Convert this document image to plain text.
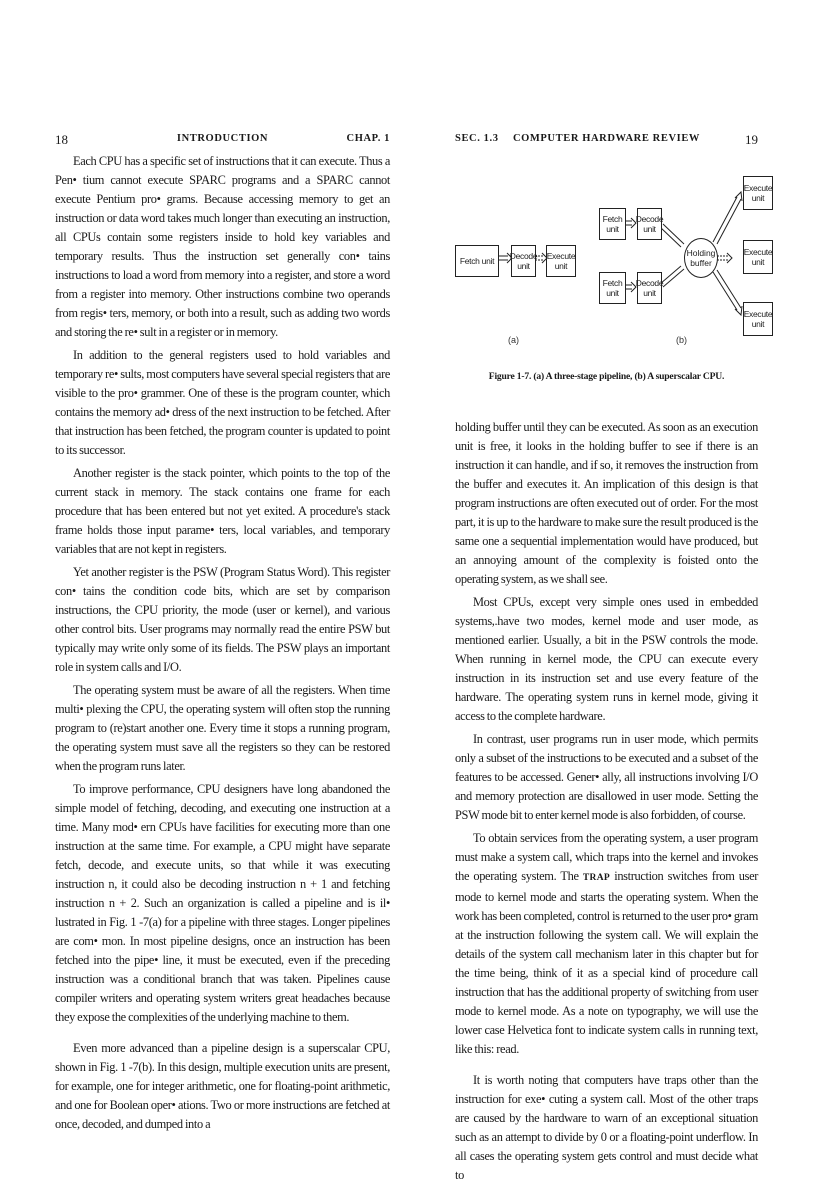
18	INTRODUCTION	CHAP. 1

Each CPU has a specific set of instructions that it can execute. Thus a Pen• tium cannot execute SPARC programs and a SPARC cannot execute Pentium pro• grams. Because accessing memory to get an instruction or data word takes much longer than executing an instruction, all CPUs contain some registers inside to hold key variables and temporary results. Thus the instruction set generally con• tains instructions to load a word from memory into a register, and store a word from a register into memory. Other instructions combine two operands from regis• ters, memory, or both into a result, such as adding two words and storing the re• sult in a register or in memory.

In addition to the general registers used to hold variables and temporary re• sults, most computers have several special registers that are visible to the pro• grammer. One of these is the program counter, which contains the memory ad• dress of the next instruction to be fetched. After that instruction has been fetched, the program counter is updated to point to its successor.

Another register is the stack pointer, which points to the top of the current stack in memory. The stack contains one frame for each procedure that has been entered but not yet exited. A procedure's stack frame holds those input parame• ters, local variables, and temporary variables that are not kept in registers.

Yet another register is the PSW (Program Status Word). This register con• tains the condition code bits, which are set by comparison instructions, the CPU priority, the mode (user or kernel), and various other control bits. User programs may normally read the entire PSW but typically may write only some of its fields. The PSW plays an important role in system calls and I/O.

The operating system must be aware of all the registers. When time multi• plexing the CPU, the operating system will often stop the running program to (re)start another one. Every time it stops a running program, the operating system must save all the registers so they can be restored when the program runs later.

To improve performance, CPU designers have long abandoned the simple model of fetching, decoding, and executing one instruction at a time. Many mod• ern CPUs have facilities for executing more than one instruction at the same time. For example, a CPU might have separate fetch, decode, and execute units, so that while it was executing instruction n, it could also be decoding instruction n + 1 and fetching instruction n + 2. Such an organization is called a pipeline and is il• lustrated in Fig. 1 -7(a) for a pipeline with three stages. Longer pipelines are com• mon. In most pipeline designs, once an instruction has been fetched into the pipe• line, it must be executed, even if the preceding instruction was a conditional branch that was taken. Pipelines cause compiler writers and operating system writers great headaches because they expose the complexities of the underlying machine to them.

Even more advanced than a pipeline design is a superscalar CPU, shown in Fig. 1 -7(b). In this design, multiple execution units are present, for example, one for integer arithmetic, one for floating-point arithmetic, and one for Boolean oper• ations. Two or more instructions are fetched at once, decoded, and dumped into a

SEC. 1.3	COMPUTER HARDWARE REVIEW	19
Fetch unit	Decode unit
Execute unit
(a)
Fetch unit
Decode unit
Fetch unit
Decode unit
Holding buffer
Execute unit
Execute unit
Execute unit
(b)
Figure 1-7. (a) A three-stage pipeline, (b) A superscalar CPU.

holding buffer until they can be executed. As soon as an execution unit is free, it looks in the holding buffer to see if there is an instruction it can handle, and if so, it removes the instruction from the buffer and executes it. An implication of this design is that program instructions are often executed out of order. For the most part, it is up to the hardware to make sure the result produced is the same one a sequential implementation would have produced, but an annoying amount of the complexity is foisted onto the operating system, as we shall see.

Most CPUs, except very simple ones used in embedded systems,.have two modes, kernel mode and user mode, as mentioned earlier. Usually, a bit in the PSW controls the mode. When running in kernel mode, the CPU can execute every instruction in its instruction set and use every feature of the hardware. The operating system runs in kernel mode, giving it access to the complete hardware.

In contrast, user programs run in user mode, which permits only a subset of the instructions to be executed and a subset of the features to be accessed. Gener• ally, all instructions involving I/O and memory protection are disallowed in user mode. Setting the PSW mode bit to enter kernel mode is also forbidden, of course.

To obtain services from the operating system, a user program must make a system call, which traps into the kernel and invokes the operating system. The TRAP instruction switches from user mode to kernel mode and starts the operating system. When the work has been completed, control is returned to the user pro• gram at the instruction following the system call. We will explain the details of the system call mechanism later in this chapter but for the time being, think of it as a special kind of procedure call instruction that has the additional property of switching from user mode to kernel mode. As a note on typography, we will use the lower case Helvetica font to indicate system calls in running text, like this: read.

It is worth noting that computers have traps other than the instruction for exe• cuting a system call. Most of the other traps are caused by the hardware to warn of an exceptional situation such as an attempt to divide by 0 or a floating-point underflow. In all cases the operating system gets control and must decide what to
